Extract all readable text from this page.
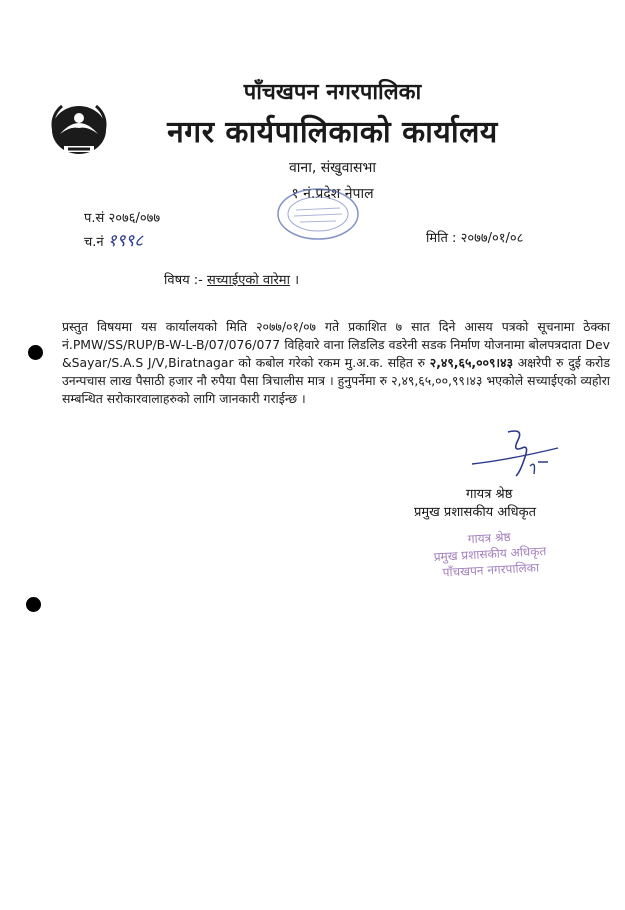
पाँचखपन नगरपालिका
नगर कार्यपालिकाको कार्यालय
वाना, संखुवासभा
१ नं.प्रदेश नेपाल
प.सं २०७६/०७७
च.नं १९९८	मिति : २०७७/०१/०८
विषय :- सच्याईएको वारेमा ।

प्रस्तुत विषयमा यस कार्यालयको मिति २०७७/०१/०७ गते प्रकाशित ७ सात दिने आसय पत्रको सूचनामा ठेक्का नं.PMW/SS/RUP/B-W-L-B/07/076/077 विहिवारे वाना लिडलिड वडरेनी सडक निर्माण योजनामा बोलपत्रदाता Dev &Sayar/S.A.S J/V,Biratnagar को कबोल गरेको रकम मु.अ.क. सहित रु २,४९,६५,००९।४३ अक्षरेपी रु दुई करोड उनन्पचास लाख पैसाठी हजार नौ रुपैया पैसा त्रिचालीस मात्र । हुनुपर्नेमा रु २,४९,६५,००,९९।४३ भएकोले सच्याईएको व्यहोरा सम्बन्धित सरोकारवालाहरुको लागि जानकारी गराईन्छ ।

गायत्र श्रेष्ठ
प्रमुख प्रशासकीय अधिकृत
गायत्र श्रेष्ठ
प्रमुख प्रशासकीय अधिकृत
पाँचखपन नगरपालिका
